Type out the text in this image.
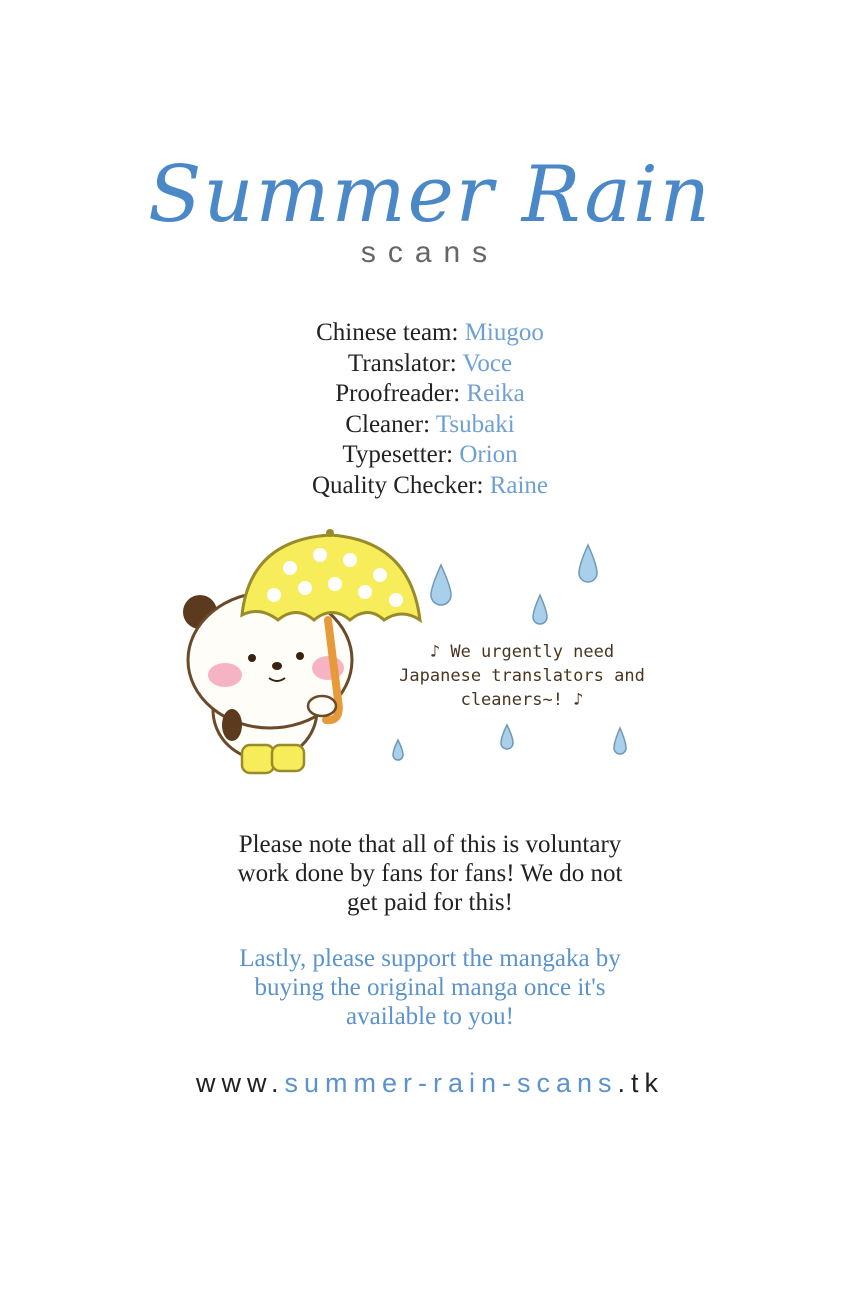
Summer Rain
scans
Chinese team: Miugoo
Translator: Voce
Proofreader: Reika
Cleaner: Tsubaki
Typesetter: Orion
Quality Checker: Raine
♪ We urgently need
Japanese translators and
cleaners~! ♪
Please note that all of this is voluntary
work done by fans for fans! We do not
get paid for this!
Lastly, please support the mangaka by
buying the original manga once it's
available to you!
www.summer-rain-scans.tk
